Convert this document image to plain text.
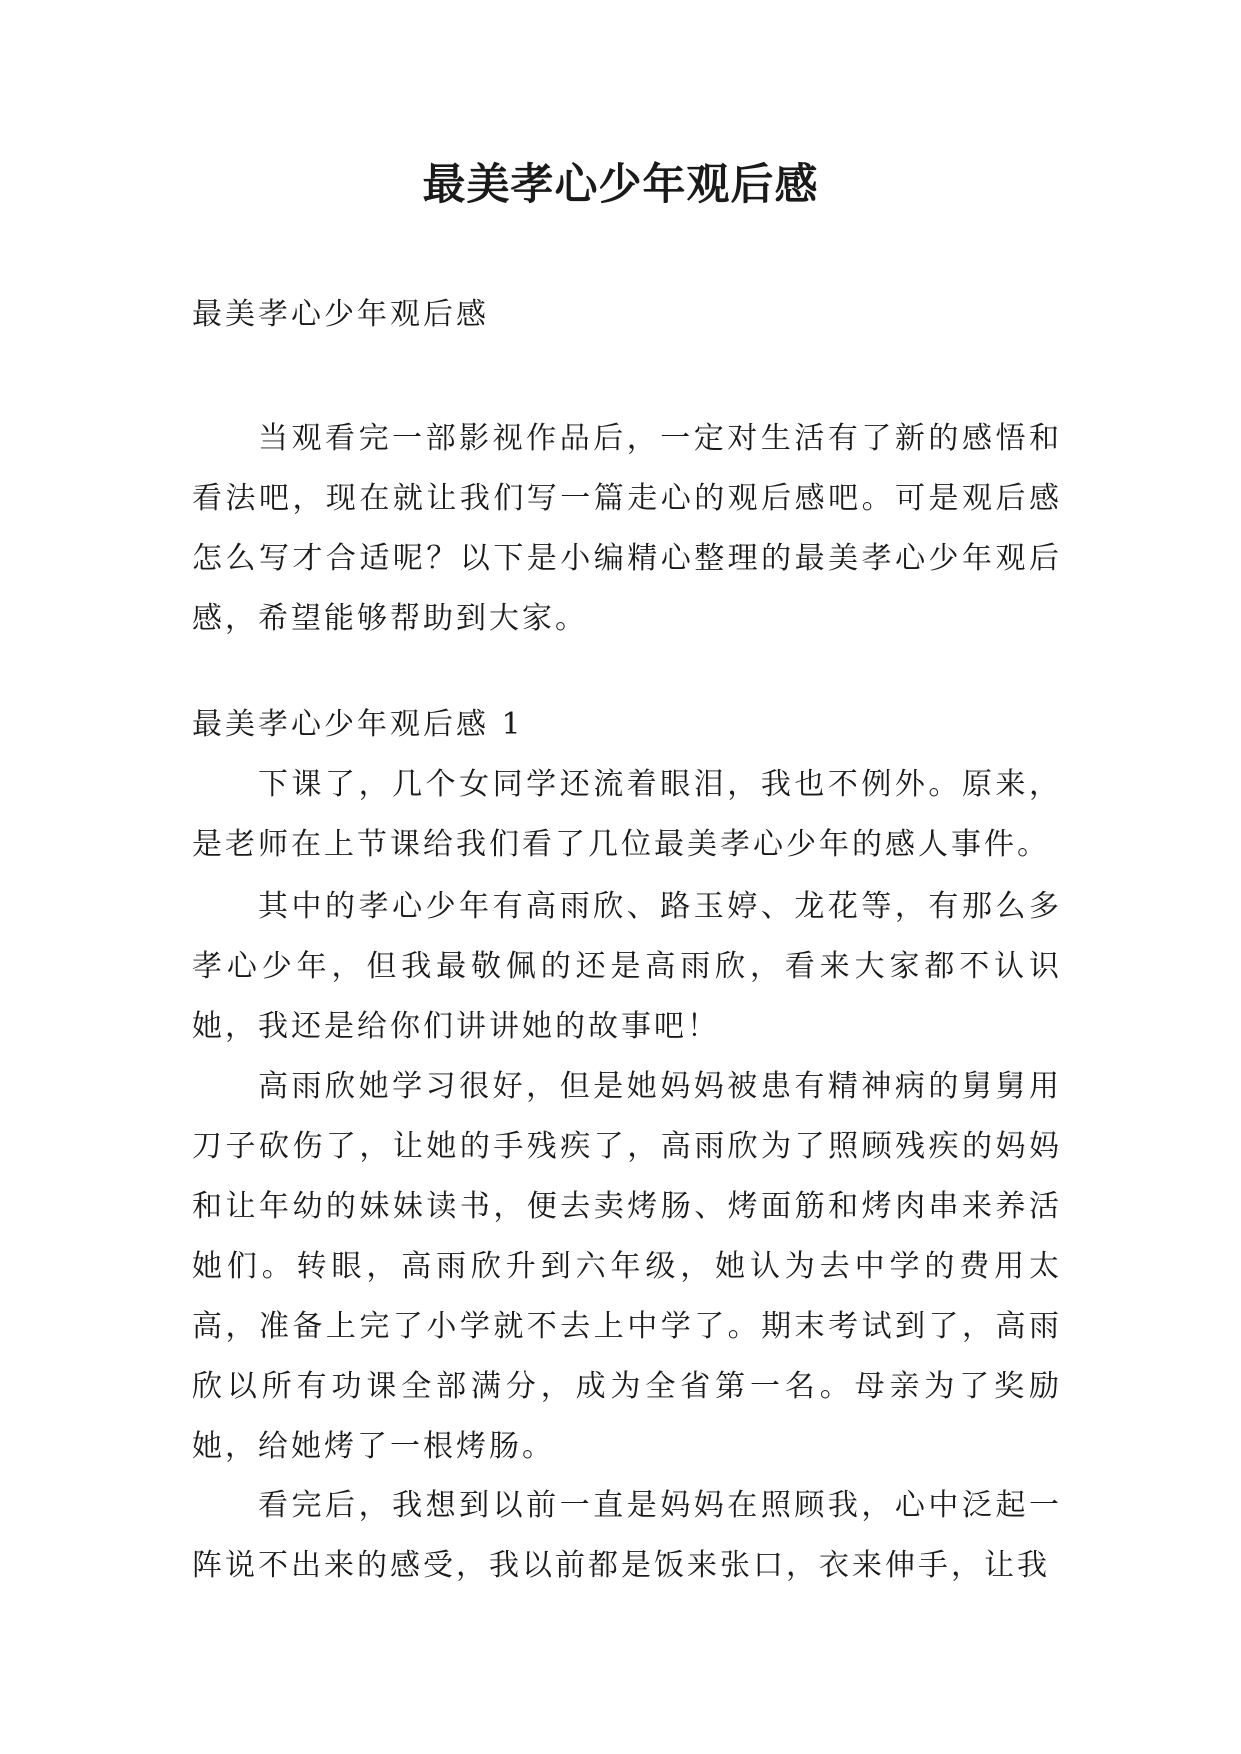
最美孝心少年观后感

最美孝心少年观后感

当观看完一部影视作品后，一定对生活有了新的感悟和看法吧，现在就让我们写一篇走心的观后感吧。可是观后感怎么写才合适呢？以下是小编精心整理的最美孝心少年观后感，希望能够帮助到大家。

最美孝心少年观后感 1

下课了，几个女同学还流着眼泪，我也不例外。原来，是老师在上节课给我们看了几位最美孝心少年的感人事件。

其中的孝心少年有高雨欣、路玉婷、龙花等，有那么多孝心少年，但我最敬佩的还是高雨欣，看来大家都不认识她，我还是给你们讲讲她的故事吧！

高雨欣她学习很好，但是她妈妈被患有精神病的舅舅用刀子砍伤了，让她的手残疾了，高雨欣为了照顾残疾的妈妈和让年幼的妹妹读书，便去卖烤肠、烤面筋和烤肉串来养活她们。转眼，高雨欣升到六年级，她认为去中学的费用太高，准备上完了小学就不去上中学了。期末考试到了，高雨欣以所有功课全部满分，成为全省第一名。母亲为了奖励她，给她烤了一根烤肠。

看完后，我想到以前一直是妈妈在照顾我，心中泛起一阵说不出来的感受，我以前都是饭来张口，衣来伸手，让我
